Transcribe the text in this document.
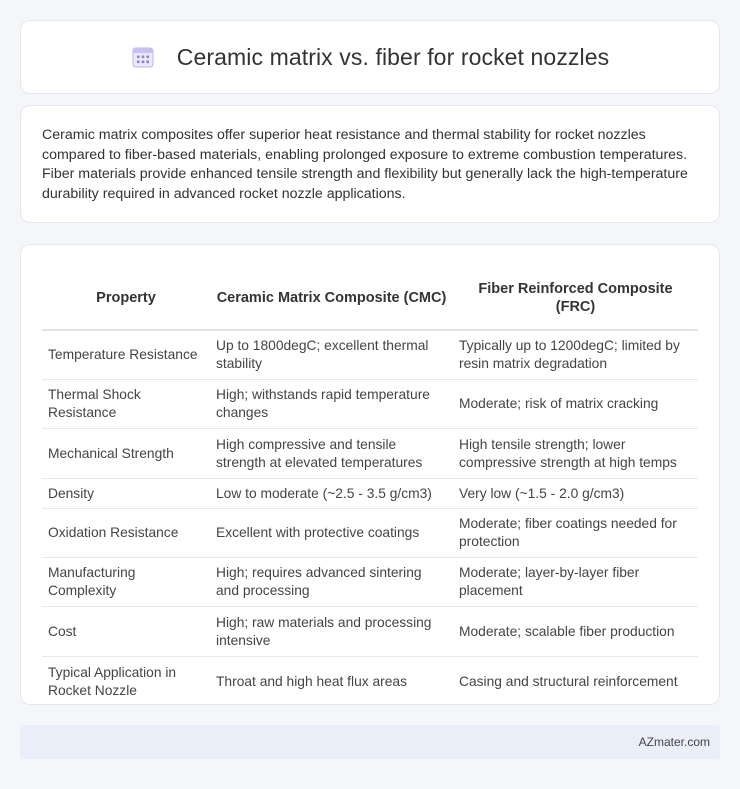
Ceramic matrix vs. fiber for rocket nozzles

Ceramic matrix composites offer superior heat resistance and thermal stability for rocket nozzles compared to fiber-based materials, enabling prolonged exposure to extreme combustion temperatures. Fiber materials provide enhanced tensile strength and flexibility but generally lack the high-temperature durability required in advanced rocket nozzle applications.

Property	Ceramic Matrix Composite (CMC)	Fiber Reinforced Composite (FRC)
Temperature Resistance	Up to 1800degC; excellent thermal stability	Typically up to 1200degC; limited by resin matrix degradation
Thermal Shock Resistance	High; withstands rapid temperature changes	Moderate; risk of matrix cracking
Mechanical Strength	High compressive and tensile strength at elevated temperatures	High tensile strength; lower compressive strength at high temps
Density	Low to moderate (~2.5 - 3.5 g/cm3)	Very low (~1.5 - 2.0 g/cm3)
Oxidation Resistance	Excellent with protective coatings	Moderate; fiber coatings needed for protection
Manufacturing Complexity	High; requires advanced sintering and processing	Moderate; layer-by-layer fiber placement
Cost	High; raw materials and processing intensive	Moderate; scalable fiber production
Typical Application in Rocket Nozzle	Throat and high heat flux areas	Casing and structural reinforcement
AZmater.com
